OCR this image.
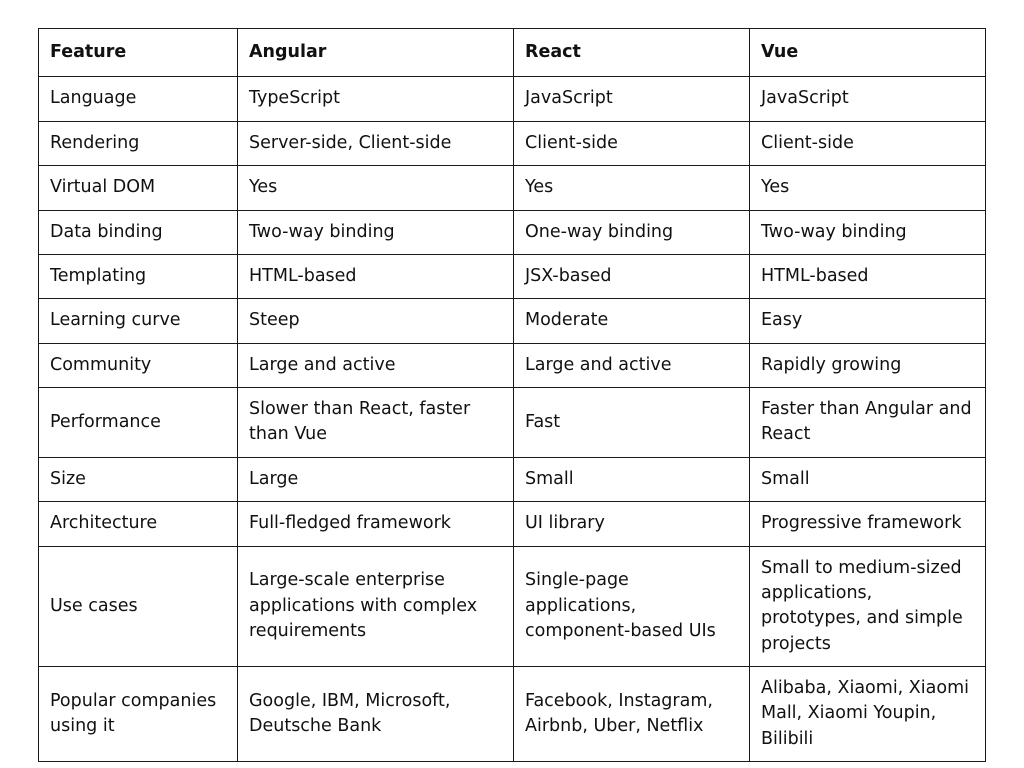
Feature	Angular	React	Vue
Language	TypeScript	JavaScript	JavaScript
Rendering	Server-side, Client-side	Client-side	Client-side
Virtual DOM	Yes	Yes	Yes
Data binding	Two-way binding	One-way binding	Two-way binding
Templating	HTML-based	JSX-based	HTML-based
Learning curve	Steep	Moderate	Easy
Community	Large and active	Large and active	Rapidly growing
Performance	Slower than React, faster than Vue	Fast	Faster than Angular and React
Size	Large	Small	Small
Architecture	Full-fledged framework	UI library	Progressive framework
Use cases	Large-scale enterprise applications with complex requirements	Single-page applications, component-based UIs	Small to medium-sized applications, prototypes, and simple projects
Popular companies using it	Google, IBM, Microsoft, Deutsche Bank	Facebook, Instagram, Airbnb, Uber, Netflix	Alibaba, Xiaomi, Xiaomi Mall, Xiaomi Youpin, Bilibili
